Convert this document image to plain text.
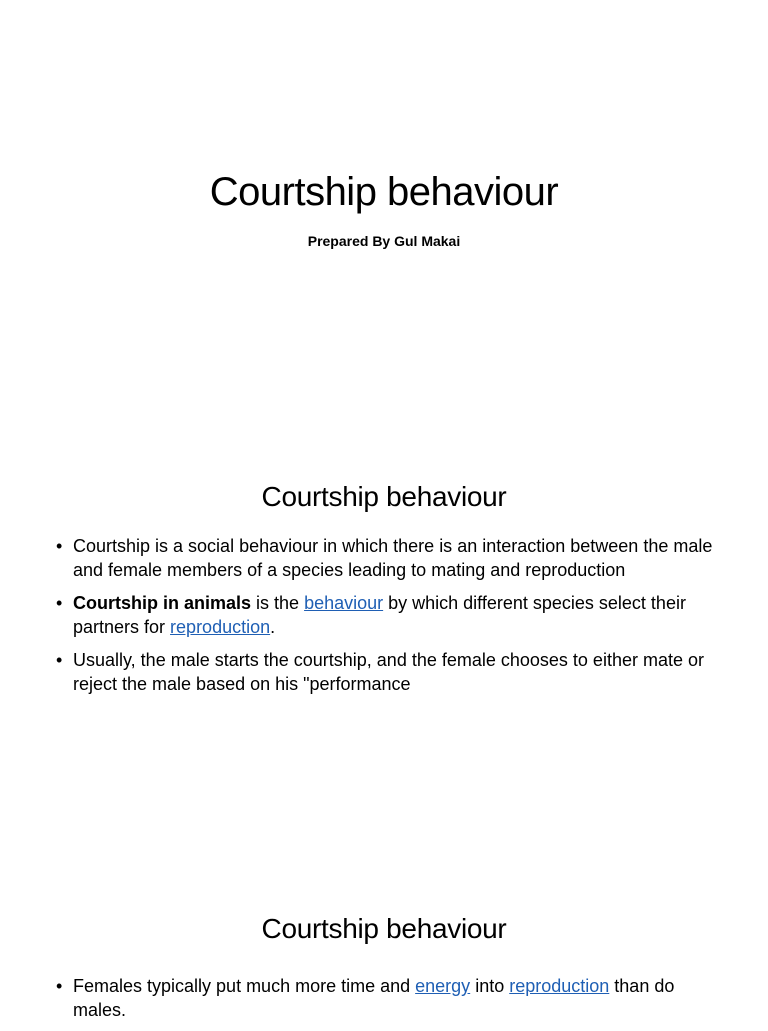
Courtship behaviour
Prepared By Gul Makai
Courtship behaviour
• Courtship is a social behaviour in which there is an interaction between the male and female members of a species leading to mating and reproduction
• Courtship in animals is the behaviour by which different species select their partners for reproduction.
• Usually, the male starts the courtship, and the female chooses to either mate or reject the male based on his "performance
Courtship behaviour
• Females typically put much more time and energy into reproduction than do males.
